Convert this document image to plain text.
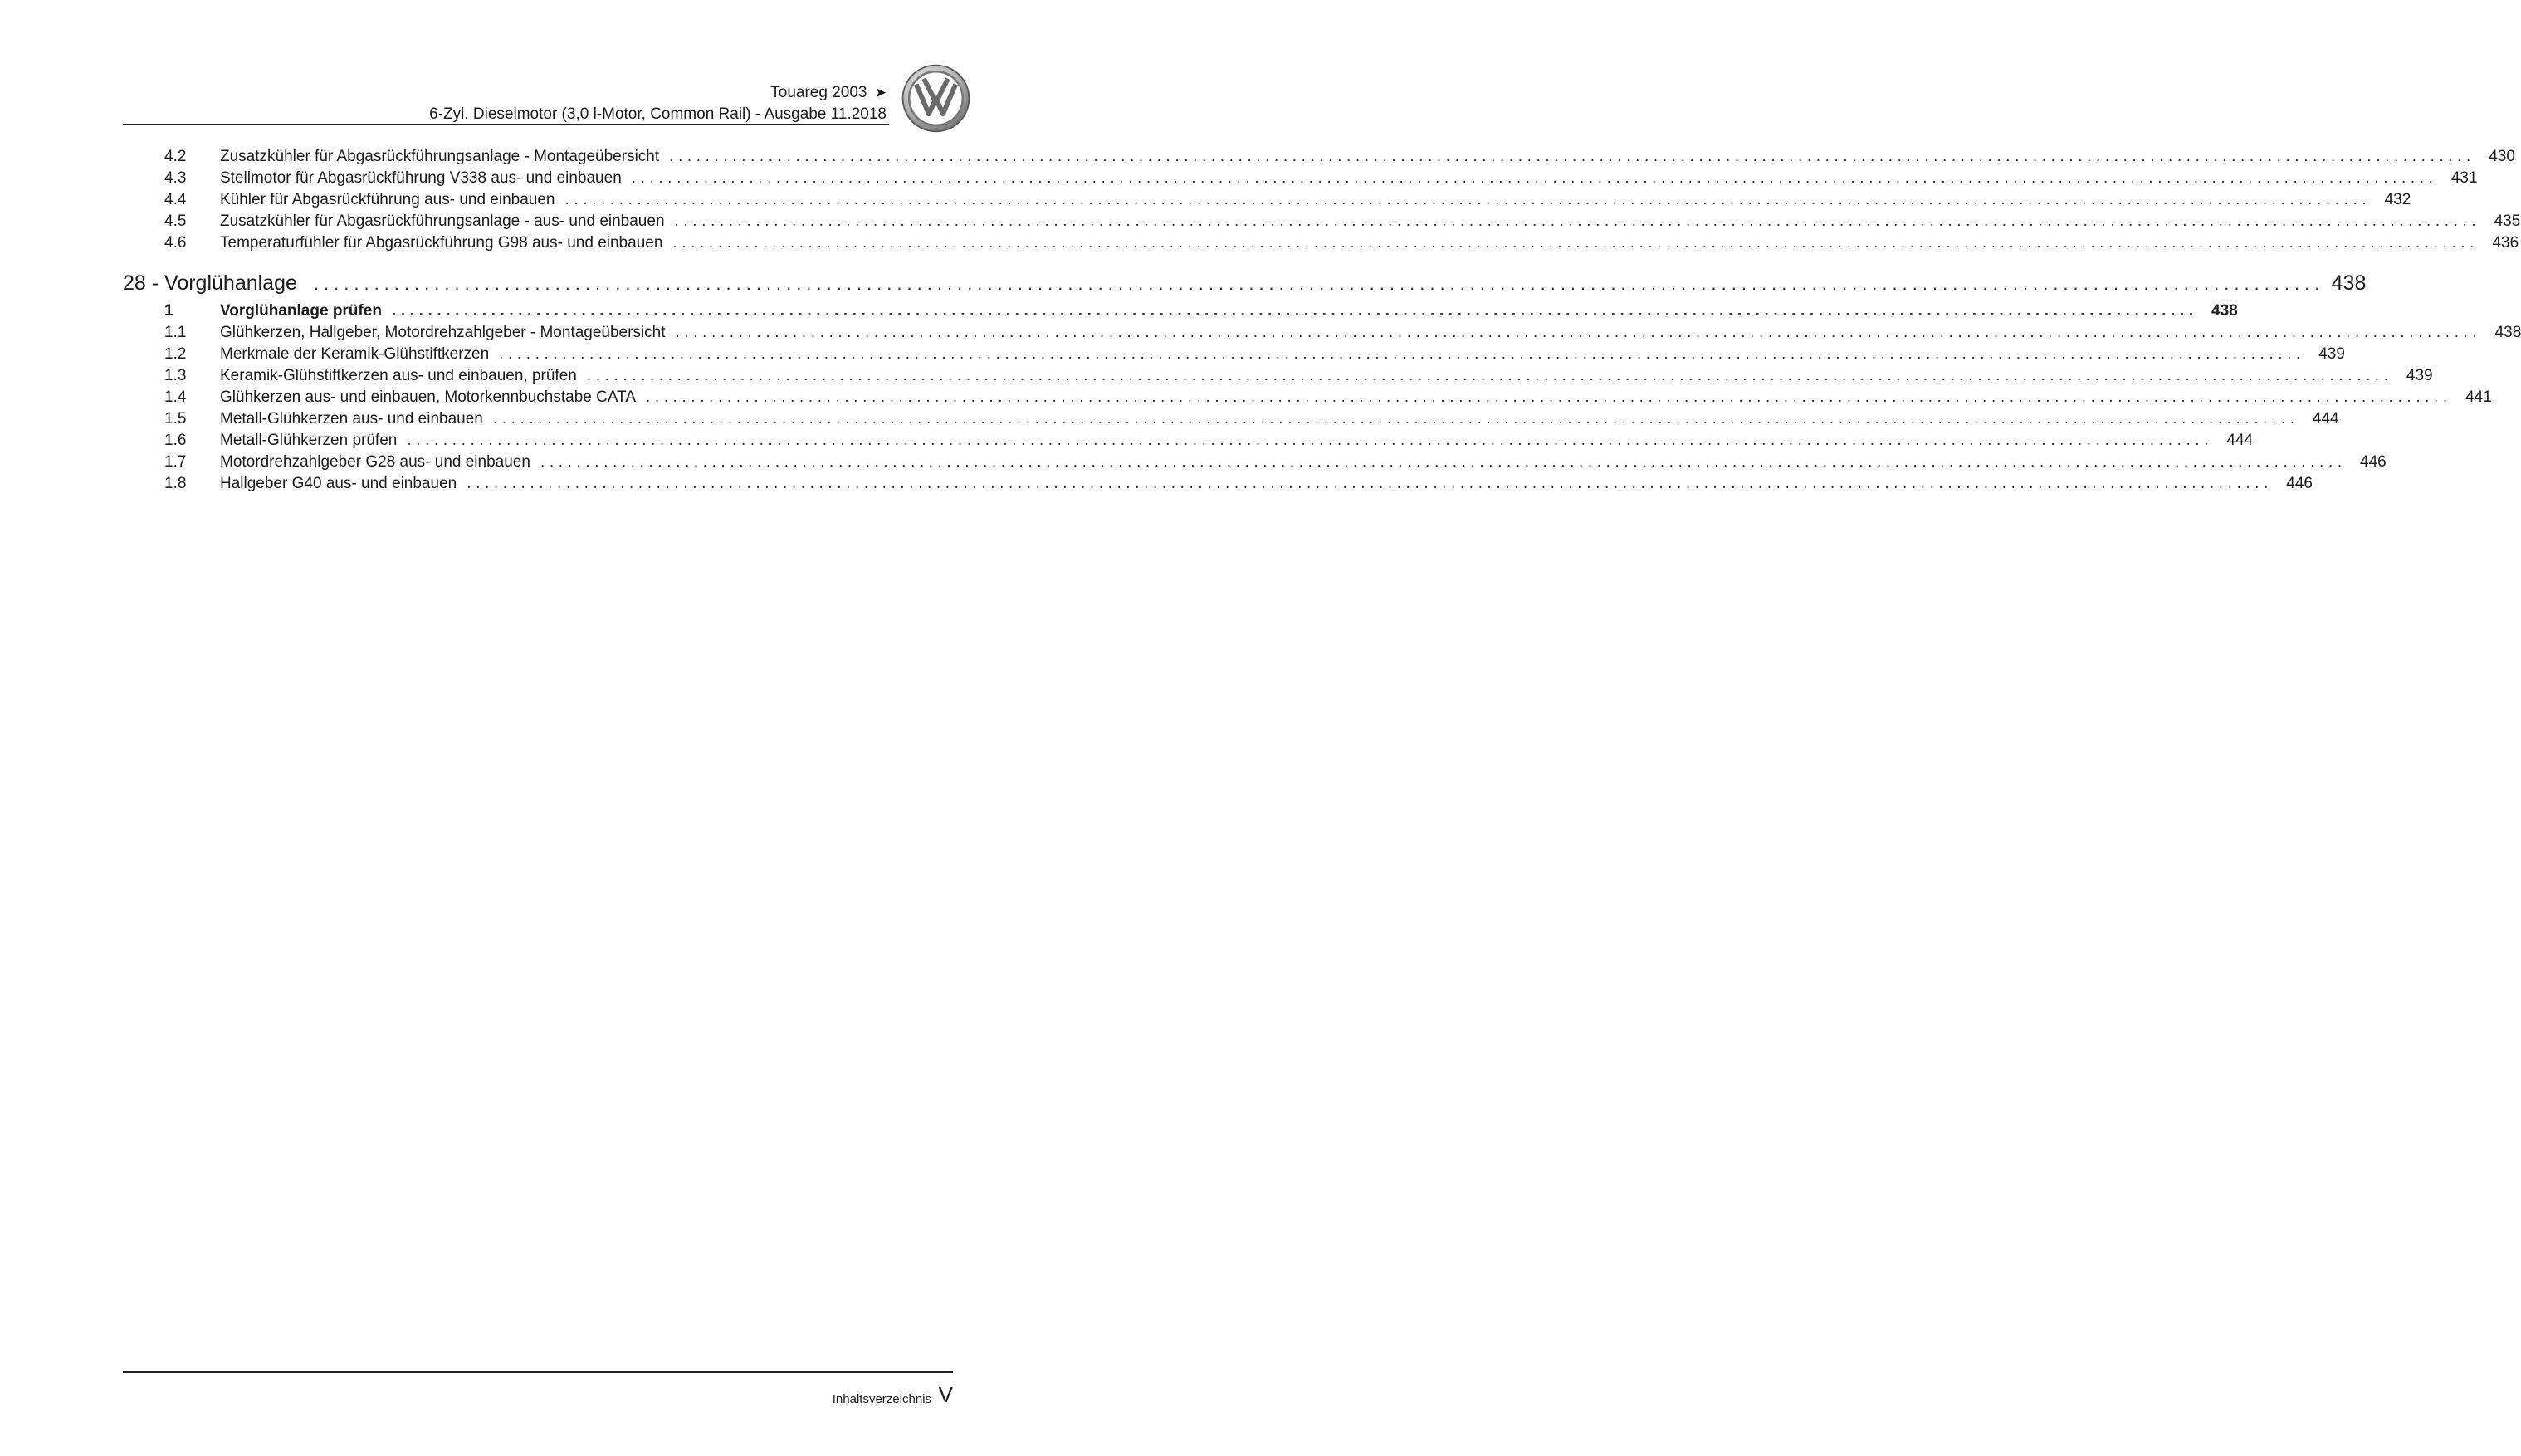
Touareg 2003 ➤
6-Zyl. Dieselmotor (3,0 l-Motor, Common Rail) - Ausgabe 11.2018
4.2	Zusatzkühler für Abgasrückführungsanlage - Montageübersicht ........................................................................................................................................................................................................ 430
4.3	Stellmotor für Abgasrückführung V338 aus- und einbauen ........................................................................................................................................................................................................ 431
4.4	Kühler für Abgasrückführung aus- und einbauen ........................................................................................................................................................................................................ 432
4.5	Zusatzkühler für Abgasrückführungsanlage - aus- und einbauen ........................................................................................................................................................................................................ 435
4.6	Temperaturfühler für Abgasrückführung G98 aus- und einbauen ........................................................................................................................................................................................................ 436
28 - Vorglühanlage ........................................................................................................................................................................................................ 438
1	Vorglühanlage prüfen ........................................................................................................................................................................................................ 438
1.1	Glühkerzen, Hallgeber, Motordrehzahlgeber - Montageübersicht ........................................................................................................................................................................................................ 438
1.2	Merkmale der Keramik-Glühstiftkerzen ........................................................................................................................................................................................................ 439
1.3	Keramik-Glühstiftkerzen aus- und einbauen, prüfen ........................................................................................................................................................................................................ 439
1.4	Glühkerzen aus- und einbauen, Motorkennbuchstabe CATA ........................................................................................................................................................................................................ 441
1.5	Metall-Glühkerzen aus- und einbauen ........................................................................................................................................................................................................ 444
1.6	Metall-Glühkerzen prüfen ........................................................................................................................................................................................................ 444
1.7	Motordrehzahlgeber G28 aus- und einbauen ........................................................................................................................................................................................................ 446
1.8	Hallgeber G40 aus- und einbauen ........................................................................................................................................................................................................ 446
Inhaltsverzeichnis V
